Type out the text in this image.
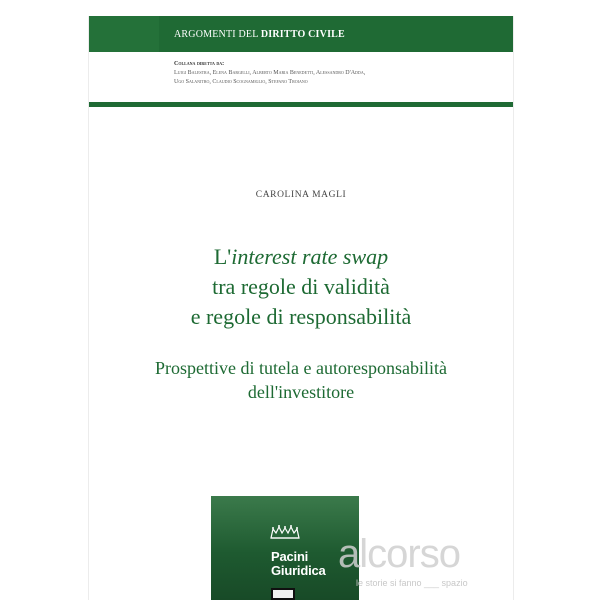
ARGOMENTI DEL DIRITTO CIVILE
Collana diretta da:
Luigi Balestra, Elena Bargelli, Alberto Maria Benedetti, Alessandro D'Adda,
Ugo Salanitro, Claudio Scognamiglio, Stefano Troiano
CAROLINA MAGLI
L'interest rate swap
tra regole di validità
e regole di responsabilità
Prospettive di tutela e autoresponsabilità
dell'investitore
Pacini
Giuridica alcorso
le storie si fanno ___ spazio
